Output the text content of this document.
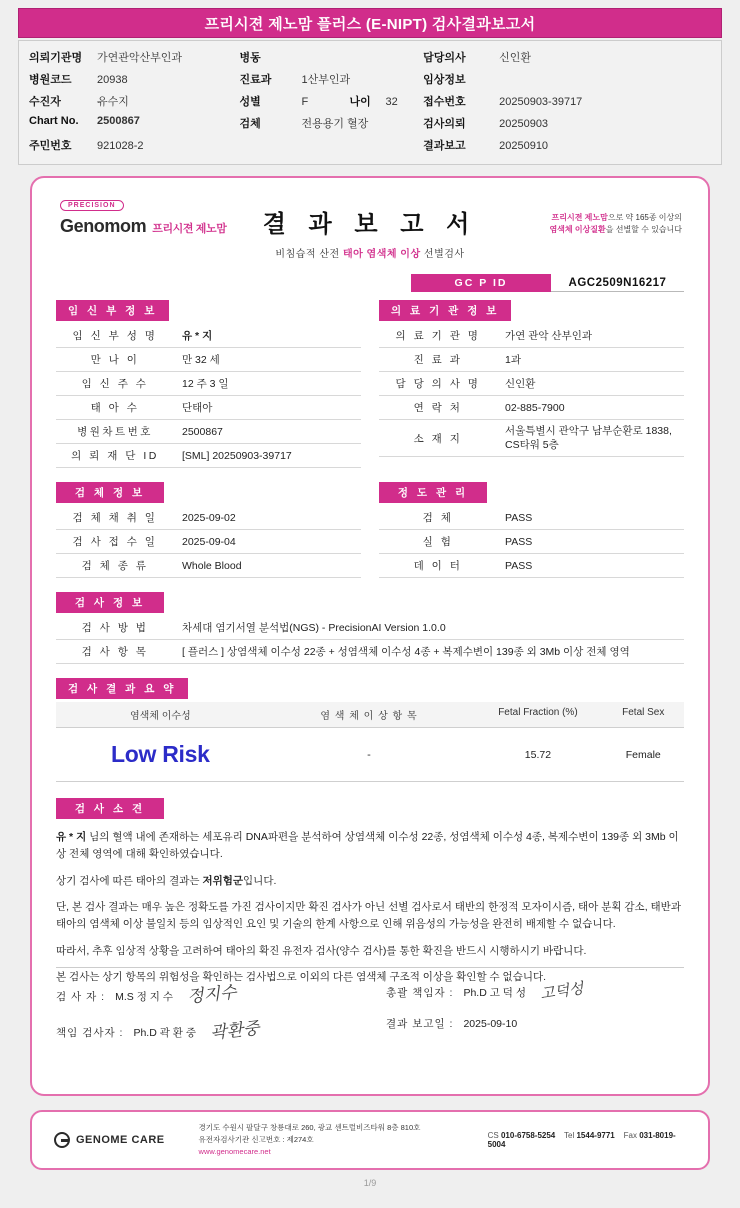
프리시젼 제노맘 플러스 (E-NIPT) 검사결과보고서
의뢰기관명	가연관악산부인과
병원코드	20938
수진자	유수지
Chart No.	2500867
주민번호	921028-2
병동
진료과	1산부인과
성별	F	나이	32
검체	전용용기 혈장
담당의사	신인환
임상정보
접수번호	20250903-39717
검사의뢰	20250903
결과보고	20250910
PRECISION
Genomom 프리시젼 제노맘	결 과 보 고 서
비침습적 산전 태아 염색체 이상 선별검사
프리시젼 제노맘으로 약 165종 이상의
염색체 이상질환을 선별할 수 있습니다
GC P ID	AGC2509N16217
임 신 부 정 보
임 신 부 성 명	유 * 지
만 나 이	만 32 세
임 신 주 수	12 주 3 일
태 아 수	단태아
병원차트번호	2500867
의 뢰 재 단 ID	[SML] 20250903-39717
의 료 기 관 정 보
의 료 기 관 명	가연 관악 산부인과
진 료 과	1과
담 당 의 사 명	신인환
연 락 처	02-885-7900
소 재 지	서울특별시 관악구 남부순환로 1838, CS타워 5층
검 체 정 보
검 체 채 취 일	2025-09-02
검 사 접 수 일	2025-09-04
검 체 종 류	Whole Blood
정 도 관 리
검 체	PASS
실 험	PASS
데 이 터	PASS
검 사 정 보
검 사 방 법	차세대 염기서열 분석법(NGS) - PrecisionAI Version 1.0.0
검 사 항 목	[ 플러스 ] 상염색체 이수성 22종 + 성염색체 이수성 4종 + 복제수변이 139종 외 3Mb 이상 전체 영역
검 사 결 과 요 약
염색체 이수성	염 색 체 이 상 항 목	Fetal Fraction (%)	Fetal Sex
Low Risk	-	15.72	Female
검 사 소 견

유 * 지 님의 혈액 내에 존재하는 세포유리 DNA파편을 분석하여 상염색체 이수성 22종, 성염색체 이수성 4종, 복제수변이 139종 외 3Mb 이상 전체 영역에 대해 확인하였습니다.

상기 검사에 따른 태아의 결과는 저위험군입니다.

단, 본 검사 결과는 매우 높은 정확도를 가진 검사이지만 확진 검사가 아닌 선별 검사로서 태반의 한정적 모자이시즘, 태아 분획 감소, 태반과 태아의 염색체 이상 불일치 등의 임상적인 요인 및 기술의 한계 사항으로 인해 위음성의 가능성을 완전히 배제할 수 없습니다.

따라서, 추후 임상적 상황을 고려하여 태아의 확진 유전자 검사(양수 검사)를 통한 확진을 반드시 시행하시기 바랍니다.

본 검사는 상기 항목의 위험성을 확인하는 검사법으로 이외의 다른 염색체 구조적 이상을 확인할 수 없습니다.

검 사 자 : M.S 정 지 수 정지수	총괄 책임자 : Ph.D 고 덕 성 고덕성
책임 검사자 : Ph.D 곽 환 중 곽환중	결과 보고일 : 2025-09-10
GENOME CARE
경기도 수원시 팔달구 창룡대로 260, 광교 센트럴비즈타워 8층 810호
유전자검사기관 신고번호 : 제274호
www.genomecare.net
CS 010-6758-5254 Tel 1544-9771 Fax 031-8019-5004
1/9
